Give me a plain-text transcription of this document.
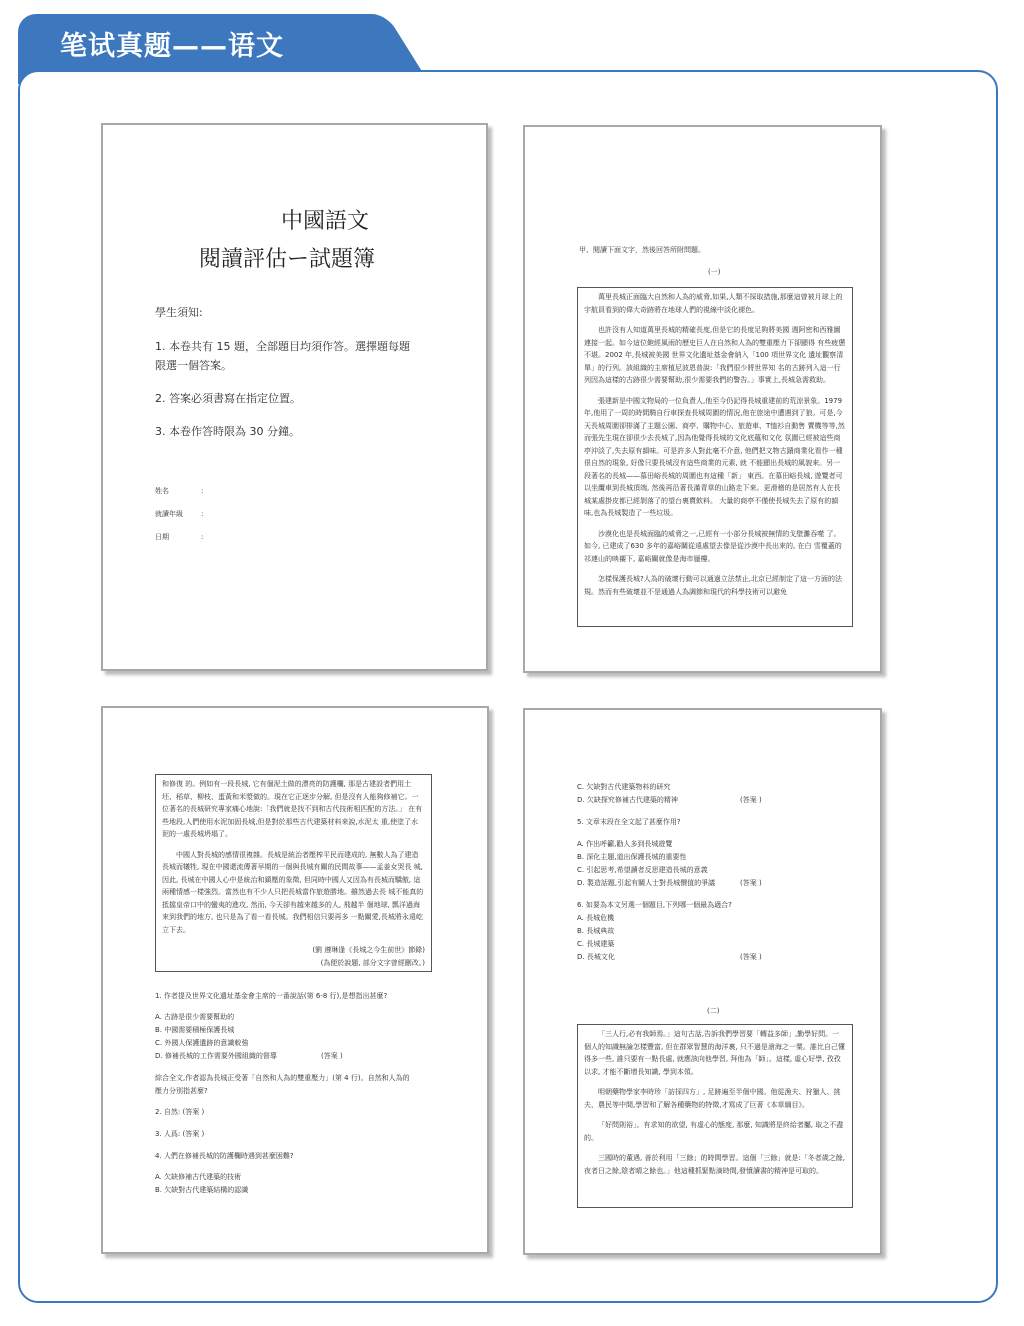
笔试真题——语文
中國語文
閱讀評估ー試題簿
學生須知:
1. 本卷共有 15 題，全部題目均須作答。選擇題每題
限選一個答案。
2. 答案必須書寫在指定位置。
3. 本卷作答時限為 30 分鐘。
姓名	:
就讀年級	:
日期	:
甲、閱讀下面文字，然後回答所附問題。
(一)

萬里長城正面臨大自然和人為的威脅,如果,人類不採取措施,那麼這曾被月球上的宇航員看到的偉大奇跡將在地球人們的視線中淡化褪色。

也許沒有人知道萬里長城的精確長度,但是它的長度足夠將美國 週阿密和西雅圖連接一起。如今這位飽經風雨的歷史巨人在自然和人為的雙重壓力下卻顯得 有些疲憊不堪。2002 年,長城被美國 世界文化遺址基金會納入「100 項世界文化 遺址觀察清單」的行列。該組織的主席植尼波恩普說:「我們很少將世界知 名的古跡列入這一行列因為這樣的古跡很少需要幫助,很少需要我們的警告。」事實上,長城急需救助。

張建新是中國文物局的一位負責人,他至今仍記得長城重建前的荒涼景象。1979 年,他用了一周的時間騎自行車探查長城周圍的情況,他在旅途中遭遇到了狼。可是,今天長城周圍卻排滿了主題公園、商亭、購物中心、旅遊車、T恤衫自動售 賣機等等,然而張先生現在卻很少去長城了,因為他覺得長城的文化底蘊和文化 氛圍已經被這些商亭沖淡了,失去原有韻味。可是許多人對此毫不介意, 他們把文物古蹟商業化看作一種很自然的現象, 好像只要長城沒有這些商業的元素, 就 不能顯出長城的風貌來。另一段著名的長城——慕田峪長城的周圍也有這種「新」 東西。在慕田峪長城, 遊覽者可以坐纜車到長城頂端, 然後再沿著長滿青草的山路走下來。更滑稽的是居然有人在長城某處掛皮都已經剝落了的望台裏賣飲料。 大量的商亭不僅使長城失去了原有的韻味,也為長城製造了一些垃圾。

沙漠化也是長城面臨的威脅之一,已經有一小部分長城被無情的戈壁灘吞噬 了。如今, 已建成了630 多年的嘉峪關從遠處望去像是從沙漠中長出來的, 在白 雪覆蓋的祁連山的映襯下, 嘉峪關就像是海市蜃樓。

怎樣保護長城?人為的破壞行動可以通過立法禁止,北京已經制定了這一方面的法規。然而有些破壞並不是通過人為調節和現代的科學技術可以避免

和修復 的。例如有一段長城, 它有個泥土做的漂亮的防護欄, 那是古建設者們用土坯、稻草、柳枝、蛋黃和米漿做的。現在它正逐步分解, 但是沒有人能夠修補它。一位著名的長城研究專家痛心地說:「我們就是找不到和古代技術相匹配的方法。」 在有些地段,人們使用水泥加固長城,但是對於那些古代建築材料來說,水泥太 重,使塗了水泥的一處長城坍塌了。

中國人對長城的感情很複雜。長城是統治者壓榨平民而建成的, 無數人為了建造長城而犧牲, 現在中國還流傳著早期的一個與長城有關的民間故事——孟姜女哭長 城, 因此, 長城在中國人心中是統治和鎮壓的象徵, 但同時中國人又因為有長城而驕傲, 這兩種情感一樣強烈。當然也有不少人只把長城當作旅遊勝地。雖然過去長 城不能真的抵擋皇帝口中的蠻夷的進攻, 然而, 今天卻有越來越多的人, 飛越半 個地球, 瓢洋過海來到我們的地方, 也只是為了看一看長城。我們相信只要再多 一點關愛,長城將永遠屹立下去。

(劉 遵琳逢《長城之今生前世》節錄)
(為便於說題, 部分文字曾經刪改。)
1. 作者提及世界文化遺址基金會主席的一番說話(第 6-8 行),是想指出甚麼?
A. 古跡是很少需要幫助的
B. 中國需要積極保護長城
C. 外國人保護遺跡的意識較強
D. 修補長城的工作需要外國組織的督導	(答案 )
綜合全文,作者認為長城正受著「自然和人為的雙重壓力」(第 4 行)。自然和人為的壓力分別指甚麼?
2. 自然: (答案 )
3. 人爲: (答案 )
4. 人們在修補長城的防護欄時遇到甚麼困難?
A. 欠缺修補古代建築的技術
B. 欠缺對古代建築結構的認識
C. 欠缺對古代建築物料的研究
D. 欠缺探究修補古代建築的精神	(答案 )
5. 文章末段在全文起了甚麼作用?
A. 作出呼籲,勸人多到長城遊覽
B. 深化主題,道出保護長城的重要性
C. 引起思考,希望讀者反思建造長城的意義
D. 製造話題,引起有關人士對長城價值的爭議	(答案 )
6. 如要為本文另選一個題目,下列哪一個最為適合?
A. 長城危機
B. 長城典故
C. 長城建築
D. 長城文化	(答案 )
(二)

「三人行,必有我師焉。」這句古話,告訴我們學習要「轉益多師」,勤學好問。一個人的知識無論怎樣豐富, 但在群眾智慧的海洋裏, 只不過是滄海之一粟。誰比自己懂得多一些, 誰只要有一點長處, 就應該向他學習, 拜他為「師」。這樣, 虛心好學, 孜孜以求, 才能不斷增長知識, 學到本領。

明朝藥物學家李時珍「訪採四方」, 足跡遍至半個中國。他從漁夫、狩獵人、挑夫、農民等中間,學習和了解各種藥物的特徵,才寫成了巨著《本草綱目》。

「好問則裕」。有求知的欲望, 有虛心的態度, 那麼, 知識將是終給者屬, 取之不盡的。

三國時的董遇, 善於利用「三餘」的時間學習。這個「三餘」就是:「冬者歲之餘,夜者日之餘,陰者晴之餘也。」他這種抓緊點滴時間,發憤讀書的精神是可取的。
